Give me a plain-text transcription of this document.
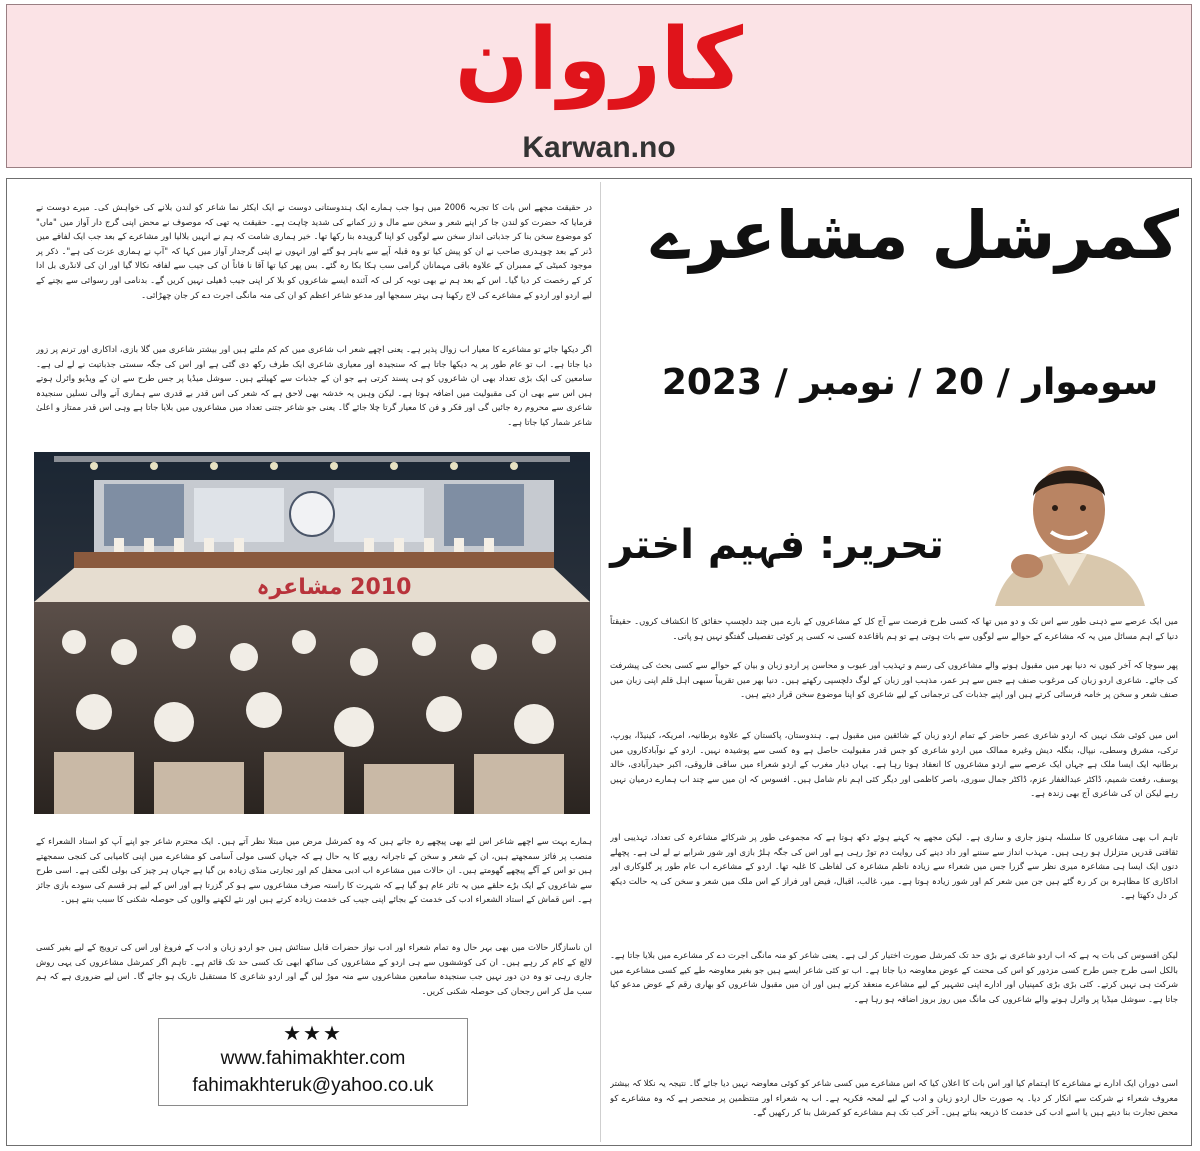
کاروان
Karwan.no
در حقیقت مجھے اس بات کا تجربہ 2006 میں ہوا جب ہمارے ایک ہندوستانی دوست نے ایک ایکٹر نما شاعر کو لندن بلانے کی خواہش کی۔ میرے دوست نے فرمایا کہ حضرت کو لندن جا کر اپنے شعر و سخن سے مال و زر کمانے کی شدید چاہت ہے۔ حقیقت یہ تھی کہ موصوف نے محض اپنی گرج دار آواز میں "ماں" کو موضوع سخن بنا کر جذباتی انداز سخن سے لوگوں کو اپنا گرویدہ بنا رکھا تھا۔ خیر ہماری شامت کہ ہم نے انہیں بلالیا اور مشاعرے کے بعد جب ایک لفافے میں ڈنر کے بعد چوہدری صاحب نے ان کو پیش کیا تو وہ قبلہ آپے سے باہر ہو گئے اور انہوں نے اپنی گرجدار آواز میں کہا کہ "آپ نے ہماری عزت کی ہے"۔ ذکر پر موجود کمیٹی کے ممبران کے علاوہ باقی مہمانان گرامی سب ہکا بکا رہ گئے۔ بس پھر کیا تھا آقا نا فاناً ان کی جیب سے لفافہ نکالا گیا اور ان کی لانڈری بل ادا کر کے رخصت کر دیا گیا۔ اس کے بعد ہم نے بھی توبہ کر لی کہ آئندہ ایسے شاعروں کو بلا کر اپنی جیب ڈھیلی نہیں کریں گے۔ بدنامی اور رسوائی سے بچنے کے لیے اردو اور اردو کے مشاعرے کی لاج رکھنا ہی بہتر سمجھا اور مدعو شاعر اعظم کو ان کی منہ مانگی اجرت دے کر جان چھڑائی۔
اگر دیکھا جائے تو مشاعرے کا معیار اب زوال پذیر ہے۔ یعنی اچھے شعر اب شاعری میں کم کم ملتے ہیں اور بیشتر شاعری میں گلا بازی، اداکاری اور ترنم پر زور دیا جاتا ہے۔ اب تو عام طور پر یہ دیکھا جاتا ہے کہ سنجیدہ اور معیاری شاعری ایک طرف رکھ دی گئی ہے اور اس کی جگہ سستی جذباتیت نے لے لی ہے۔ سامعین کی ایک بڑی تعداد بھی ان شاعروں کو ہی پسند کرتی ہے جو ان کے جذبات سے کھیلتے ہیں۔ سوشل میڈیا پر جس طرح سے ان کے ویڈیو وائرل ہوتے ہیں اس سے بھی ان کی مقبولیت میں اضافہ ہوتا ہے۔ لیکن وہیں یہ خدشہ بھی لاحق ہے کہ شعر کی اس قدر بے قدری سے ہماری آنے والی نسلیں سنجیدہ شاعری سے محروم رہ جائیں گی اور فکر و فن کا معیار گرتا چلا جائے گا۔ یعنی جو شاعر جتنی تعداد میں مشاعروں میں بلایا جاتا ہے وہی اس قدر ممتاز و اعلیٰ شاعر شمار کیا جاتا ہے۔
2010 مشاعرہ
ہمارے بہت سے اچھے شاعر اس لئے بھی پیچھے رہ جاتے ہیں کہ وہ کمرشل مرض میں مبتلا نظر آتے ہیں۔ ایک محترم شاعر جو اپنے آپ کو استاد الشعراء کے منصب پر فائز سمجھتے ہیں، ان کے شعر و سخن کے تاجرانہ رویے کا یہ حال ہے کہ جہاں کسی مولی آسامی کو مشاعرے میں اپنی کامیابی کی کنجی سمجھتے ہیں تو اس کے آگے پیچھے گھومتے ہیں۔ ان حالات میں مشاعرہ اب ادبی محفل کم اور تجارتی منڈی زیادہ بن گیا ہے جہاں ہر چیز کی بولی لگتی ہے۔ اسی طرح سے شاعروں کے ایک بڑے حلقے میں یہ تاثر عام ہو گیا ہے کہ شہرت کا راستہ صرف مشاعروں سے ہو کر گزرتا ہے اور اس کے لیے ہر قسم کی سودے بازی جائز ہے۔ اس قماش کے استاد الشعراء ادب کی خدمت کے بجائے اپنی جیب کی خدمت زیادہ کرتے ہیں اور نئے لکھنے والوں کی حوصلہ شکنی کا سبب بنتے ہیں۔
ان ناسازگار حالات میں بھی بہر حال وہ تمام شعراء اور ادب نواز حضرات قابل ستائش ہیں جو اردو زبان و ادب کے فروغ اور اس کی ترویج کے لیے بغیر کسی لالچ کے کام کر رہے ہیں۔ ان کی کوششوں سے ہی اردو کے مشاعروں کی ساکھ ابھی تک کسی حد تک قائم ہے۔ تاہم اگر کمرشل مشاعروں کی یہی روش جاری رہی تو وہ دن دور نہیں جب سنجیدہ سامعین مشاعروں سے منہ موڑ لیں گے اور اردو شاعری کا مستقبل تاریک ہو جائے گا۔ اس لیے ضروری ہے کہ ہم سب مل کر اس رجحان کی حوصلہ شکنی کریں۔
★★★
www.fahimakhter.com
fahimakhteruk@yahoo.co.uk
کمرشل مشاعرے
سوموار / 20 / نومبر / 2023
تحریر: فہیم اختر
میں ایک عرصے سے ذہنی طور سے اس تک و دو میں تھا کہ کسی طرح فرصت سے آج کل کے مشاعروں کے بارے میں چند دلچسپ حقائق کا انکشاف کروں۔ حقیقتاً دنیا کے اہم مسائل میں یہ کہ مشاعرے کے حوالے سے لوگوں سے بات ہوتی ہے تو ہم باقاعدہ کسی نہ کسی پر کوئی تفصیلی گفتگو نہیں ہو پاتی۔
پھر سوچا کہ آخر کیوں نہ دنیا بھر میں مقبول ہونے والے مشاعروں کی رسم و تہذیب اور عیوب و محاسن پر اردو زبان و بیان کے حوالے سے کسی بحث کی پیشرفت کی جائے۔ شاعری اردو زبان کی مرغوب صنف ہے جس سے ہر عمر، مذہب اور زبان کے لوگ دلچسپی رکھتے ہیں۔ دنیا بھر میں تقریباً سبھی اہل قلم اپنی زبان میں صنف شعر و سخن پر خامہ فرسائی کرتے ہیں اور اپنے جذبات کی ترجمانی کے لیے شاعری کو اپنا موضوع سخن قرار دیتے ہیں۔
اس میں کوئی شک نہیں کہ اردو شاعری عصر حاضر کے تمام اردو زبان کے شائقین میں مقبول ہے۔ ہندوستان، پاکستان کے علاوہ برطانیہ، امریکہ، کینیڈا، یورپ، ترکی، مشرق وسطی، نیپال، بنگلہ دیش وغیرہ ممالک میں اردو شاعری کو جس قدر مقبولیت حاصل ہے وہ کسی سے پوشیدہ نہیں۔ اردو کے نوآبادکاروں میں برطانیہ ایک ایسا ملک ہے جہاں ایک عرصے سے اردو مشاعروں کا انعقاد ہوتا رہا ہے۔ یہاں دیار مغرب کے اردو شعراء میں ساقی فاروقی، اکبر حیدرآبادی، خالد یوسف، رفعت شمیم، ڈاکٹر عبدالغفار عزم، ڈاکٹر جمال سوری، باصر کاظمی اور دیگر کئی اہم نام شامل ہیں۔ افسوس کہ ان میں سے چند اب ہمارے درمیان نہیں رہے لیکن ان کی شاعری آج بھی زندہ ہے۔
تاہم اب بھی مشاعروں کا سلسلہ ہنوز جاری و ساری ہے۔ لیکن مجھے یہ کہنے ہوئے دکھ ہوتا ہے کہ مجموعی طور پر شرکائے مشاعرہ کی تعداد، تہذیبی اور ثقافتی قدریں متزلزل ہو رہی ہیں۔ مہذب انداز سے سننے اور داد دینے کی روایت دم توڑ رہی ہے اور اس کی جگہ ہلڑ بازی اور شور شرابے نے لے لی ہے۔ پچھلے دنوں ایک ایسا ہی مشاعرہ میری نظر سے گزرا جس میں شعراء سے زیادہ ناظم مشاعرہ کی لفاظی کا غلبہ تھا۔ اردو کے مشاعرے اب عام طور پر گلوکاری اور اداکاری کا مظاہرہ بن کر رہ گئے ہیں جن میں شعر کم اور شور زیادہ ہوتا ہے۔ میر، غالب، اقبال، فیض اور فراز کے اس ملک میں شعر و سخن کی یہ حالت دیکھ کر دل دکھتا ہے۔
لیکن افسوس کی بات یہ ہے کہ اب اردو شاعری نے بڑی حد تک کمرشل صورت اختیار کر لی ہے۔ یعنی شاعر کو منہ مانگی اجرت دے کر مشاعرے میں بلایا جاتا ہے۔ بالکل اسی طرح جس طرح کسی مزدور کو اس کی محنت کے عوض معاوضہ دیا جاتا ہے۔ اب تو کئی شاعر ایسے ہیں جو بغیر معاوضہ طے کیے کسی مشاعرے میں شرکت ہی نہیں کرتے۔ کئی بڑی بڑی کمپنیاں اور ادارے اپنی تشہیر کے لیے مشاعرے منعقد کرتے ہیں اور ان میں مقبول شاعروں کو بھاری رقم کے عوض مدعو کیا جاتا ہے۔ سوشل میڈیا پر وائرل ہونے والے شاعروں کی مانگ میں روز بروز اضافہ ہو رہا ہے۔
اسی دوران ایک ادارے نے مشاعرے کا اہتمام کیا اور اس بات کا اعلان کیا کہ اس مشاعرے میں کسی شاعر کو کوئی معاوضہ نہیں دیا جائے گا۔ نتیجہ یہ نکلا کہ بیشتر معروف شعراء نے شرکت سے انکار کر دیا۔ یہ صورت حال اردو زبان و ادب کے لیے لمحہ فکریہ ہے۔ اب یہ شعراء اور منتظمین پر منحصر ہے کہ وہ مشاعرے کو محض تجارت بنا دیتے ہیں یا اسے ادب کی خدمت کا ذریعہ بناتے ہیں۔ آخر کب تک ہم مشاعرے کو کمرشل بنا کر رکھیں گے۔
